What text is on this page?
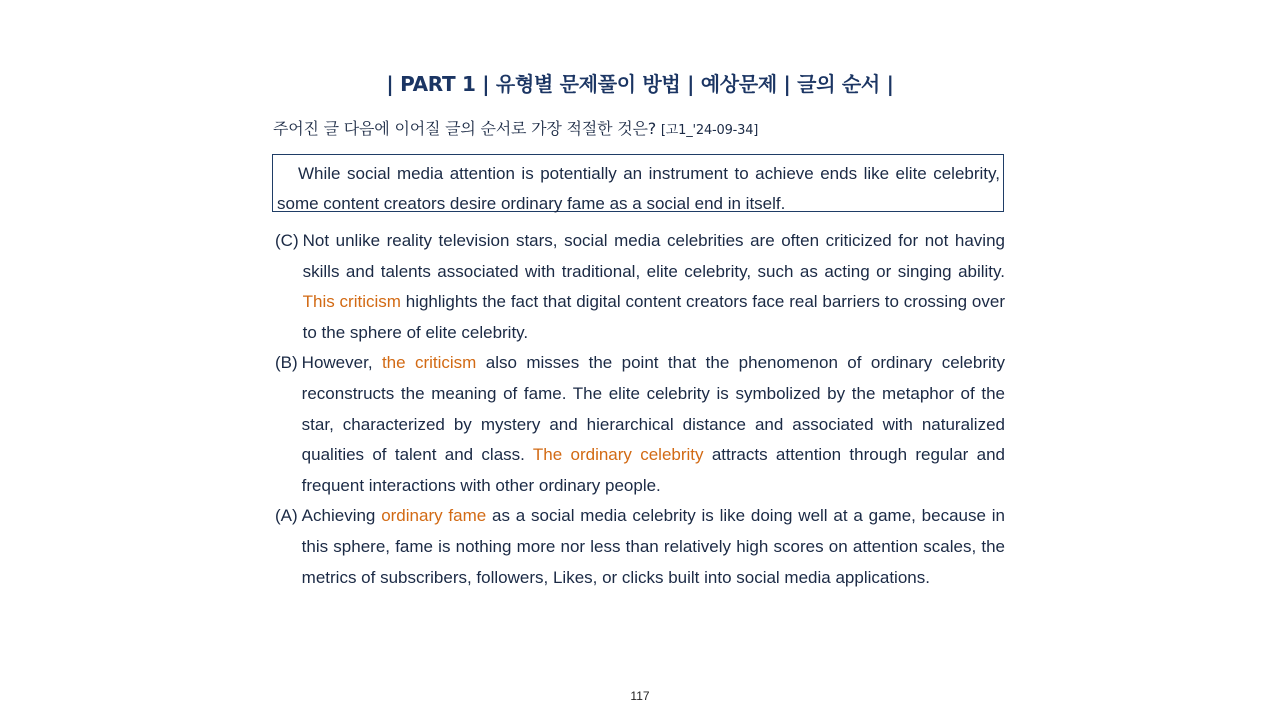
| PART 1 | 유형별 문제풀이 방법 | 예상문제 | 글의 순서 |
주어진 글 다음에 이어질 글의 순서로 가장 적절한 것은? [고1_'24-09-34]
While social media attention is potentially an instrument to achieve ends like elite celebrity, some content creators desire ordinary fame as a social end in itself.
(C) Not unlike reality television stars, social media celebrities are often criticized for not having skills and talents associated with traditional, elite celebrity, such as acting or singing ability. This criticism highlights the fact that digital content creators face real barriers to crossing over to the sphere of elite celebrity.
(B) However, the criticism also misses the point that the phenomenon of ordinary celebrity reconstructs the meaning of fame. The elite celebrity is symbolized by the metaphor of the star, characterized by mystery and hierarchical distance and associated with naturalized qualities of talent and class. The ordinary celebrity attracts attention through regular and frequent interactions with other ordinary people.
(A) Achieving ordinary fame as a social media celebrity is like doing well at a game, because in this sphere, fame is nothing more nor less than relatively high scores on attention scales, the metrics of subscribers, followers, Likes, or clicks built into social media applications.
117
